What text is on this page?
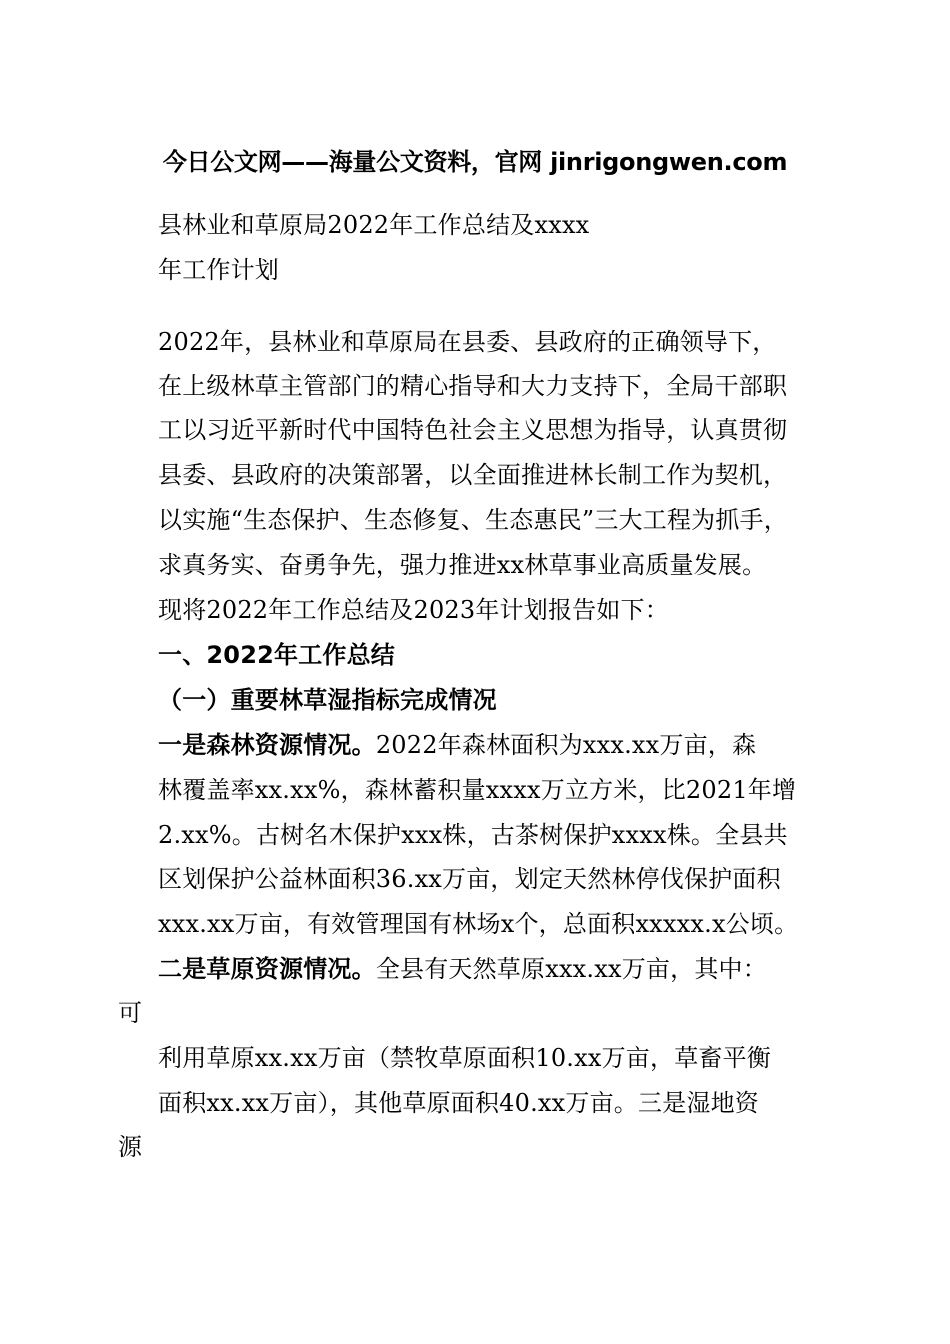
今日公文网——海量公文资料，官网 jinrigongwen.com
县林业和草原局2022年工作总结及xxxx
年工作计划
2022年，县林业和草原局在县委、县政府的正确领导下，
在上级林草主管部门的精心指导和大力支持下，全局干部职
工以习近平新时代中国特色社会主义思想为指导，认真贯彻
县委、县政府的决策部署，以全面推进林长制工作为契机，
以实施“生态保护、生态修复、生态惠民”三大工程为抓手，
求真务实、奋勇争先，强力推进xx林草事业高质量发展。
现将2022年工作总结及2023年计划报告如下：
一、2022年工作总结
（一）重要林草湿指标完成情况
一是森林资源情况。2022年森林面积为xxx.xx万亩，森
林覆盖率xx.xx%，森林蓄积量xxxx万立方米，比2021年增
2.xx%。古树名木保护xxx株，古茶树保护xxxx株。全县共
区划保护公益林面积36.xx万亩，划定天然林停伐保护面积
xxx.xx万亩，有效管理国有林场x个，总面积xxxxx.x公顷。
二是草原资源情况。全县有天然草原xxx.xx万亩，其中：
可
利用草原xx.xx万亩（禁牧草原面积10.xx万亩，草畜平衡
面积xx.xx万亩），其他草原面积40.xx万亩。三是湿地资
源
